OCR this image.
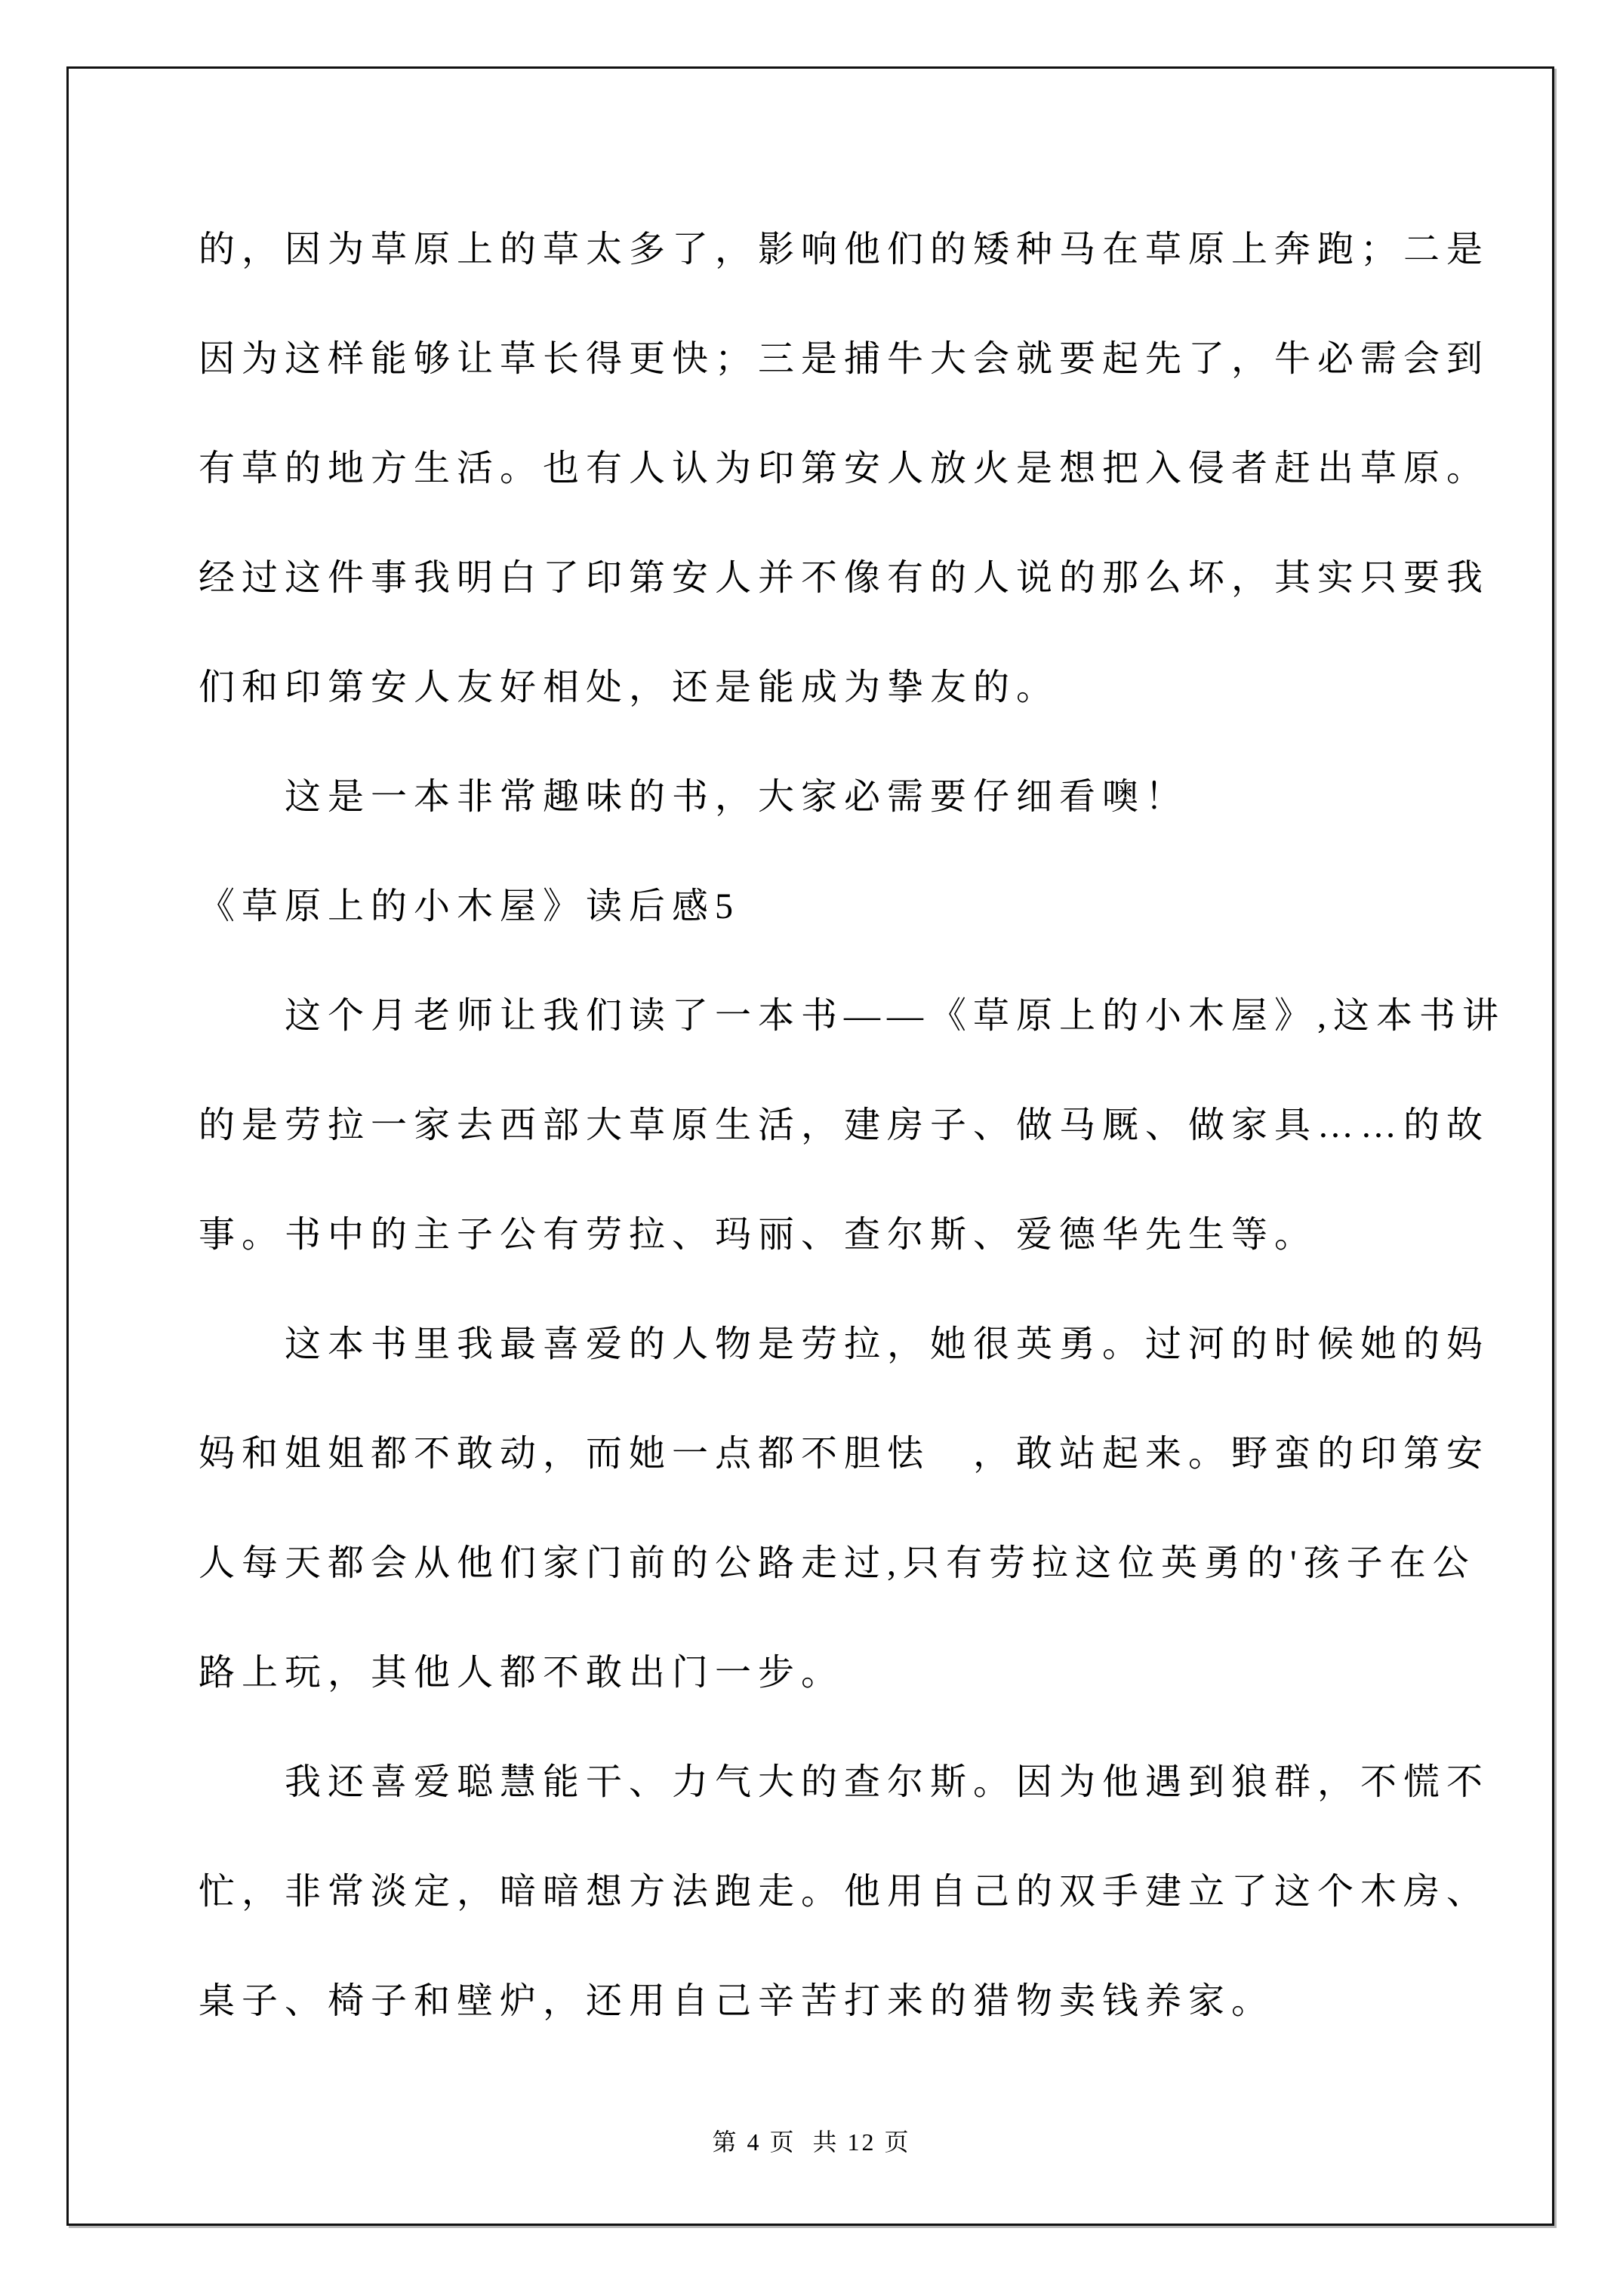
的，因为草原上的草太多了，影响他们的矮种马在草原上奔跑；二是
因为这样能够让草长得更快；三是捕牛大会就要起先了，牛必需会到
有草的地方生活。也有人认为印第安人放火是想把入侵者赶出草原。
经过这件事我明白了印第安人并不像有的人说的那么坏，其实只要我
们和印第安人友好相处，还是能成为挚友的。
这是一本非常趣味的书，大家必需要仔细看噢！
《草原上的小木屋》读后感5
这个月老师让我们读了一本书——《草原上的小木屋》,这本书讲
的是劳拉一家去西部大草原生活，建房子、做马厩、做家具……的故
事。书中的主子公有劳拉、玛丽、查尔斯、爱德华先生等。
这本书里我最喜爱的人物是劳拉，她很英勇。过河的时候她的妈
妈和姐姐都不敢动，而她一点都不胆怯　，敢站起来。野蛮的印第安
人每天都会从他们家门前的公路走过,只有劳拉这位英勇的'孩子在公
路上玩，其他人都不敢出门一步。
我还喜爱聪慧能干、力气大的查尔斯。因为他遇到狼群，不慌不
忙，非常淡定，暗暗想方法跑走。他用自己的双手建立了这个木房、
桌子、椅子和壁炉，还用自己辛苦打来的猎物卖钱养家。
第 4 页  共 12 页
